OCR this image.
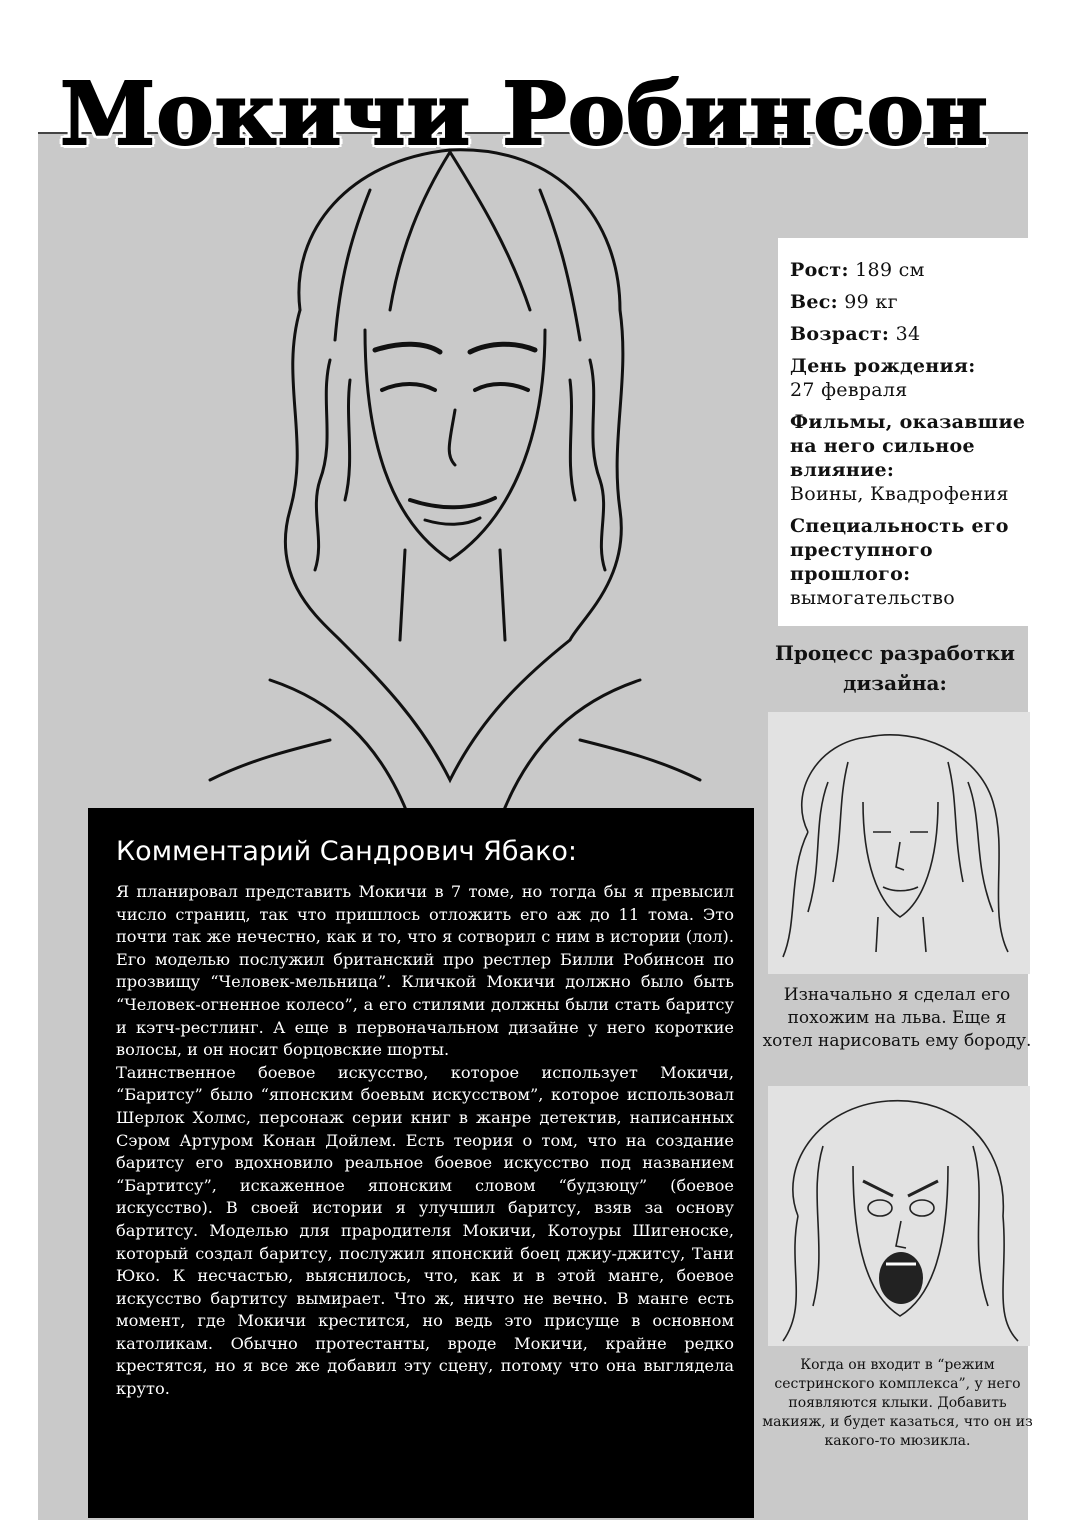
Мокичи Робинсон
Рост: 189 см
Вес: 99 кг
Возраст: 34
День рождения:
27 февраля
Фильмы, оказавшие на него сильное влияние:
Воины, Квадрофения
Специальность его преступного прошлого:
вымогательство
Процесс разработки дизайна:
Изначально я сделал его похожим на льва. Еще я хотел нарисовать ему бороду.
Когда он входит в “режим сестринского комплекса”, у него появляются клыки. Добавить макияж, и будет казаться, что он из какого-то мюзикла.
Комментарий Сандрович Ябако:

Я планировал представить Мокичи в 7 томе, но тогда бы я превысил число страниц, так что пришлось отложить его аж до 11 тома. Это почти так же нечестно, как и то, что я сотворил с ним в истории (лол). Его моделью послужил британский про рестлер Билли Робинсон по прозвищу “Человек-мельница”. Кличкой Мокичи должно было быть “Человек-огненное колесо”, а его стилями должны были стать баритсу и кэтч-рестлинг. А еще в первоначальном дизайне у него короткие волосы, и он носит борцовские шорты.

Таинственное боевое искусство, которое использует Мокичи, “Баритсу” было “японским боевым искусством”, которое использовал Шерлок Холмс, персонаж серии книг в жанре детектив, написанных Сэром Артуром Конан Дойлем. Есть теория о том, что на создание баритсу его вдохновило реальное боевое искусство под названием “Бартитсу”, искаженное японским словом “будзюцу” (боевое искусство). В своей истории я улучшил баритсу, взяв за основу бартитсу. Моделью для прародителя Мокичи, Котоуры Шигеноске, который создал баритсу, послужил японский боец джиу-джитсу, Тани Юко. К несчастью, выяснилось, что, как и в этой манге, боевое искусство бартитсу вымирает. Что ж, ничто не вечно. В манге есть момент, где Мокичи крестится, но ведь это присуще в основном католикам. Обычно протестанты, вроде Мокичи, крайне редко крестятся, но я все же добавил эту сцену, потому что она выглядела круто.
